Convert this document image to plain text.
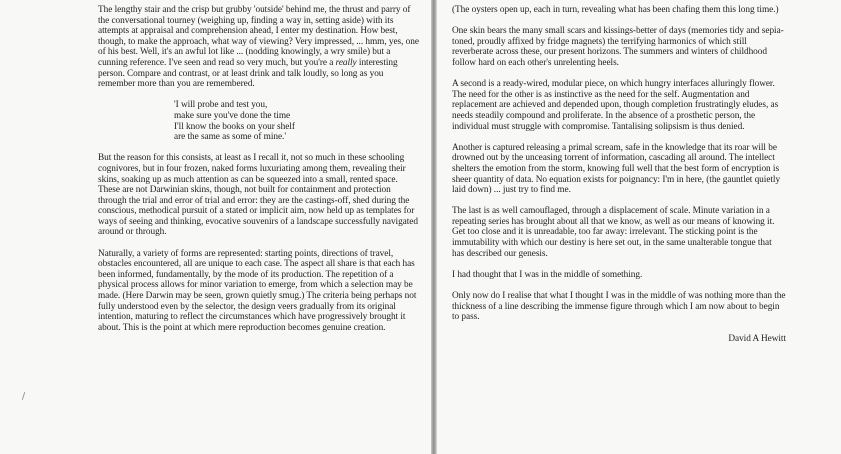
The lengthy stair and the crisp but grubby 'outside' behind me, the thrust and parry of the conversational tourney (weighing up, finding a way in, setting aside) with its attempts at appraisal and comprehension ahead, I enter my destination. How best, though, to make the approach, what way of viewing? Very impressed, ... hmm, yes, one of his best. Well, it's an awful lot like ... (nodding knowingly, a wry smile) but a cunning reference. I've seen and read so very much, but you're a really interesting person. Compare and contrast, or at least drink and talk loudly, so long as you remember more than you are remembered.

'I will probe and test you,
make sure you've done the time
I'll know the books on your shelf
are the same as some of mine.'

But the reason for this consists, at least as I recall it, not so much in these schooling cognivores, but in four frozen, naked forms luxuriating among them, revealing their skins, soaking up as much attention as can be squeezed into a small, rented space. These are not Darwinian skins, though, not built for containment and protection through the trial and error of trial and error: they are the castings-off, shed during the conscious, methodical pursuit of a stated or implicit aim, now held up as templates for ways of seeing and thinking, evocative souvenirs of a landscape successfully navigated around or through.

Naturally, a variety of forms are represented: starting points, directions of travel, obstacles encountered, all are unique to each case. The aspect all share is that each has been informed, fundamentally, by the mode of its production. The repetition of a physical process allows for minor variation to emerge, from which a selection may be made. (Here Darwin may be seen, grown quietly smug.) The criteria being perhaps not fully understood even by the selector, the design veers gradually from its original intention, maturing to reflect the circumstances which have progressively brought it about. This is the point at which mere reproduction becomes genuine creation.

(The oysters open up, each in turn, revealing what has been chafing them this long time.)

One skin bears the many small scars and kissings-better of days (memories tidy and sepia-toned, proudly affixed by fridge magnets) the terrifying harmonics of which still reverberate across these, our present horizons. The summers and winters of childhood follow hard on each other's unrelenting heels.

A second is a ready-wired, modular piece, on which hungry interfaces alluringly flower. The need for the other is as instinctive as the need for the self. Augmentation and replacement are achieved and depended upon, though completion frustratingly eludes, as needs steadily compound and proliferate. In the absence of a prosthetic person, the individual must struggle with compromise. Tantalising solipsism is thus denied.

Another is captured releasing a primal scream, safe in the knowledge that its roar will be drowned out by the unceasing torrent of information, cascading all around. The intellect shelters the emotion from the storm, knowing full well that the best form of encryption is sheer quantity of data. No equation exists for poignancy: I'm in here, (the gauntlet quietly laid down) ... just try to find me.

The last is as well camouflaged, through a displacement of scale. Minute variation in a repeating series has brought about all that we know, as well as our means of knowing it. Get too close and it is unreadable, too far away: irrelevant. The sticking point is the immutability with which our destiny is here set out, in the same unalterable tongue that has described our genesis.

I had thought that I was in the middle of something.

Only now do I realise that what I thought I was in the middle of was nothing more than the thickness of a line describing the immense figure through which I am now about to begin to pass.

David A Hewitt
